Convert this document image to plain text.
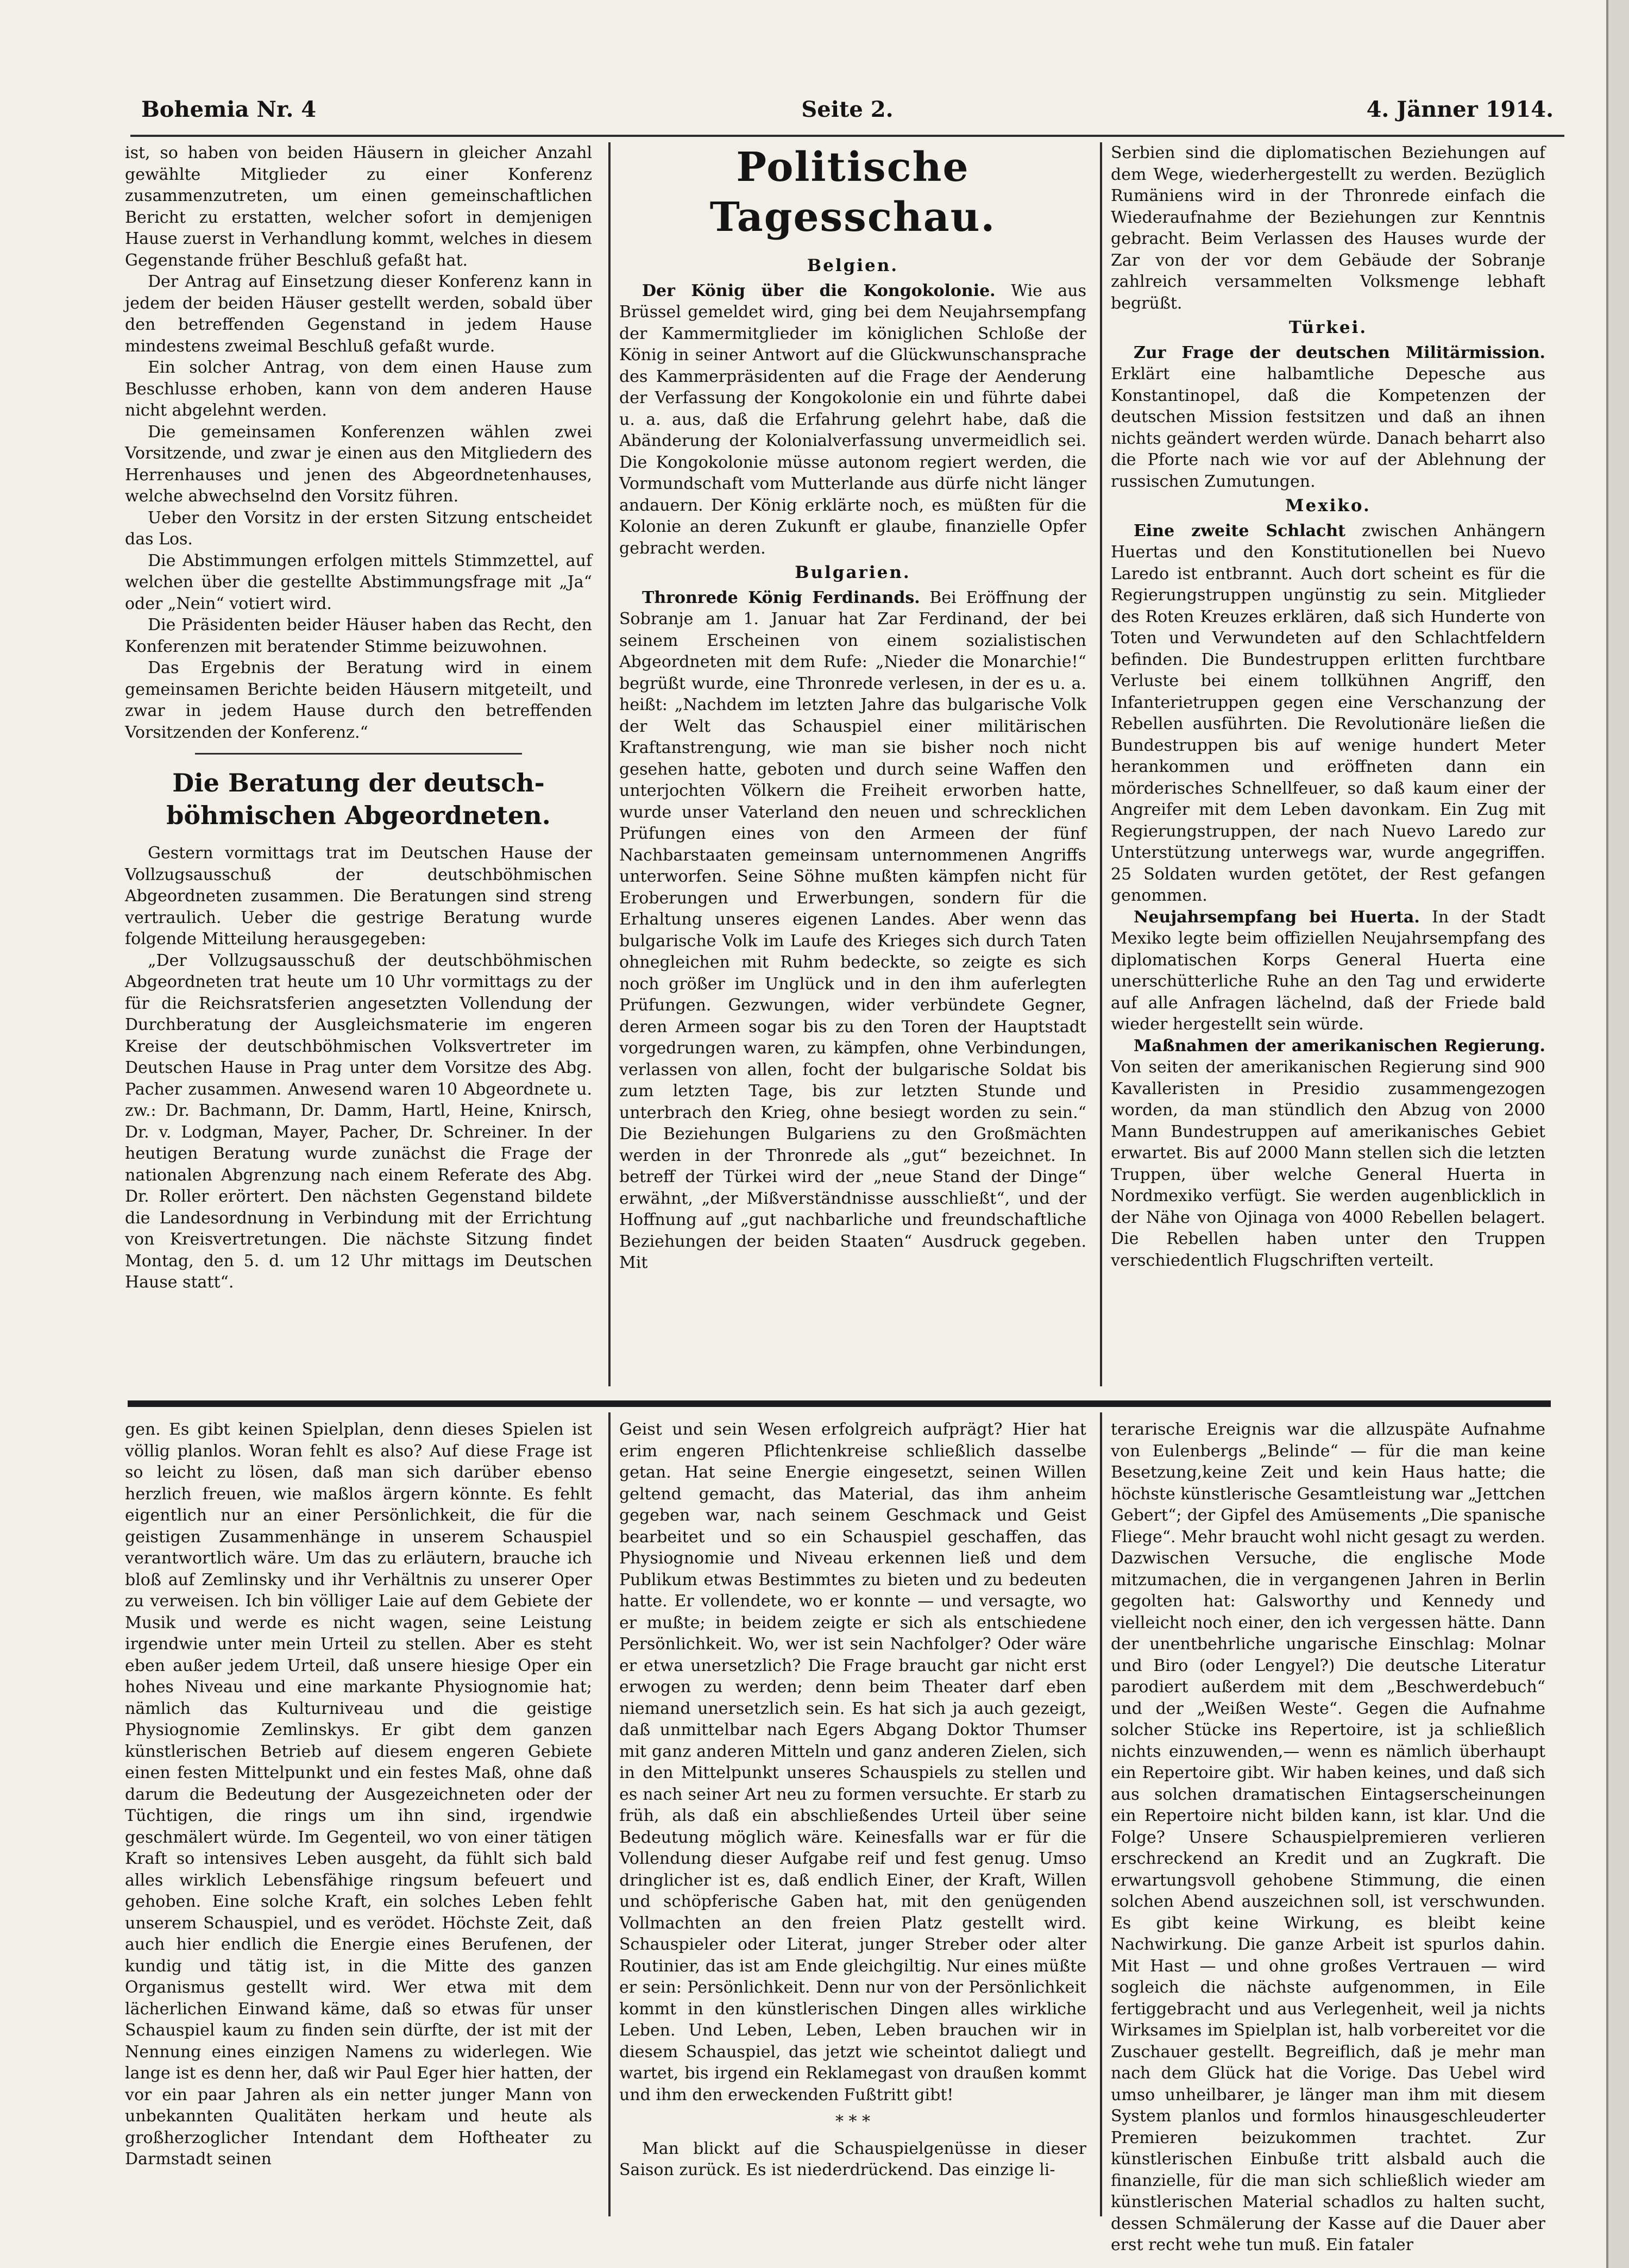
Bohemia Nr. 4	Seite 2.	4. Jänner 1914.

ist, so haben von beiden Häusern in gleicher Anzahl gewählte Mitglieder zu einer Konferenz zusammenzutreten, um einen gemeinschaftlichen Bericht zu erstatten, welcher sofort in demjenigen Hause zuerst in Verhandlung kommt, welches in diesem Gegenstande früher Beschluß gefaßt hat.

Der Antrag auf Einsetzung dieser Konferenz kann in jedem der beiden Häuser gestellt werden, sobald über den betreffenden Gegenstand in jedem Hause mindestens zweimal Beschluß gefaßt wurde.

Ein solcher Antrag, von dem einen Hause zum Beschlusse erhoben, kann von dem anderen Hause nicht abgelehnt werden.

Die gemeinsamen Konferenzen wählen zwei Vorsitzende, und zwar je einen aus den Mitgliedern des Herrenhauses und jenen des Abgeordnetenhauses, welche abwechselnd den Vorsitz führen.

Ueber den Vorsitz in der ersten Sitzung entscheidet das Los.

Die Abstimmungen erfolgen mittels Stimmzettel, auf welchen über die gestellte Abstimmungsfrage mit „Ja“ oder „Nein“ votiert wird.

Die Präsidenten beider Häuser haben das Recht, den Konferenzen mit beratender Stimme beizuwohnen.

Das Ergebnis der Beratung wird in einem gemeinsamen Berichte beiden Häusern mitgeteilt, und zwar in jedem Hause durch den betreffenden Vorsitzenden der Konferenz.“

Die Beratung der deutsch-böhmischen Abgeordneten.

Gestern vormittags trat im Deutschen Hause der Vollzugsausschuß der deutschböhmischen Abgeordneten zusammen. Die Beratungen sind streng vertraulich. Ueber die gestrige Beratung wurde folgende Mitteilung herausgegeben:

„Der Vollzugsausschuß der deutschböhmischen Abgeordneten trat heute um 10 Uhr vormittags zu der für die Reichsratsferien angesetzten Vollendung der Durchberatung der Ausgleichsmaterie im engeren Kreise der deutschböhmischen Volksvertreter im Deutschen Hause in Prag unter dem Vorsitze des Abg. Pacher zusammen. Anwesend waren 10 Abgeordnete u. zw.: Dr. Bachmann, Dr. Damm, Hartl, Heine, Knirsch, Dr. v. Lodgman, Mayer, Pacher, Dr. Schreiner. In der heutigen Beratung wurde zunächst die Frage der nationalen Abgrenzung nach einem Referate des Abg. Dr. Roller erörtert. Den nächsten Gegenstand bildete die Landesordnung in Verbindung mit der Errichtung von Kreisvertretungen. Die nächste Sitzung findet Montag, den 5. d. um 12 Uhr mittags im Deutschen Hause statt“.

Politische Tagesschau.
Belgien.

Der König über die Kongokolonie. Wie aus Brüssel gemeldet wird, ging bei dem Neujahrsempfang der Kammermitglieder im königlichen Schloße der König in seiner Antwort auf die Glückwunschansprache des Kammerpräsidenten auf die Frage der Aenderung der Verfassung der Kongokolonie ein und führte dabei u. a. aus, daß die Erfahrung gelehrt habe, daß die Abänderung der Kolonialverfassung unvermeidlich sei. Die Kongokolonie müsse autonom regiert werden, die Vormundschaft vom Mutterlande aus dürfe nicht länger andauern. Der König erklärte noch, es müßten für die Kolonie an deren Zukunft er glaube, finanzielle Opfer gebracht werden.

Bulgarien.

Thronrede König Ferdinands. Bei Eröffnung der Sobranje am 1. Januar hat Zar Ferdinand, der bei seinem Erscheinen von einem sozialistischen Abgeordneten mit dem Rufe: „Nieder die Monarchie!“ begrüßt wurde, eine Thronrede verlesen, in der es u. a. heißt: „Nachdem im letzten Jahre das bulgarische Volk der Welt das Schauspiel einer militärischen Kraftanstrengung, wie man sie bisher noch nicht gesehen hatte, geboten und durch seine Waffen den unterjochten Völkern die Freiheit erworben hatte, wurde unser Vaterland den neuen und schrecklichen Prüfungen eines von den Armeen der fünf Nachbarstaaten gemeinsam unternommenen Angriffs unterworfen. Seine Söhne mußten kämpfen nicht für Eroberungen und Erwerbungen, sondern für die Erhaltung unseres eigenen Landes. Aber wenn das bulgarische Volk im Laufe des Krieges sich durch Taten ohnegleichen mit Ruhm bedeckte, so zeigte es sich noch größer im Unglück und in den ihm auferlegten Prüfungen. Gezwungen, wider verbündete Gegner, deren Armeen sogar bis zu den Toren der Hauptstadt vorgedrungen waren, zu kämpfen, ohne Verbindungen, verlassen von allen, focht der bulgarische Soldat bis zum letzten Tage, bis zur letzten Stunde und unterbrach den Krieg, ohne besiegt worden zu sein.“ Die Beziehungen Bulgariens zu den Großmächten werden in der Thronrede als „gut“ bezeichnet. In betreff der Türkei wird der „neue Stand der Dinge“ erwähnt, „der Mißverständnisse ausschließt“, und der Hoffnung auf „gut nachbarliche und freundschaftliche Beziehungen der beiden Staaten“ Ausdruck gegeben. Mit

Serbien sind die diplomatischen Beziehungen auf dem Wege, wiederhergestellt zu werden. Bezüglich Rumäniens wird in der Thronrede einfach die Wiederaufnahme der Beziehungen zur Kenntnis gebracht. Beim Verlassen des Hauses wurde der Zar von der vor dem Gebäude der Sobranje zahlreich versammelten Volksmenge lebhaft begrüßt.

Türkei.

Zur Frage der deutschen Militärmission. Erklärt eine halbamtliche Depesche aus Konstantinopel, daß die Kompetenzen der deutschen Mission festsitzen und daß an ihnen nichts geändert werden würde. Danach beharrt also die Pforte nach wie vor auf der Ablehnung der russischen Zumutungen.

Mexiko.

Eine zweite Schlacht zwischen Anhängern Huertas und den Konstitutionellen bei Nuevo Laredo ist entbrannt. Auch dort scheint es für die Regierungstruppen ungünstig zu sein. Mitglieder des Roten Kreuzes erklären, daß sich Hunderte von Toten und Verwundeten auf den Schlachtfeldern befinden. Die Bundestruppen erlitten furchtbare Verluste bei einem tollkühnen Angriff, den Infanterietruppen gegen eine Verschanzung der Rebellen ausführten. Die Revolutionäre ließen die Bundestruppen bis auf wenige hundert Meter herankommen und eröffneten dann ein mörderisches Schnellfeuer, so daß kaum einer der Angreifer mit dem Leben davonkam. Ein Zug mit Regierungstruppen, der nach Nuevo Laredo zur Unterstützung unterwegs war, wurde angegriffen. 25 Soldaten wurden getötet, der Rest gefangen genommen.

Neujahrsempfang bei Huerta. In der Stadt Mexiko legte beim offiziellen Neujahrsempfang des diplomatischen Korps General Huerta eine unerschütterliche Ruhe an den Tag und erwiderte auf alle Anfragen lächelnd, daß der Friede bald wieder hergestellt sein würde.

Maßnahmen der amerikanischen Regierung. Von seiten der amerikanischen Regierung sind 900 Kavalleristen in Presidio zusammengezogen worden, da man stündlich den Abzug von 2000 Mann Bundestruppen auf amerikanisches Gebiet erwartet. Bis auf 2000 Mann stellen sich die letzten Truppen, über welche General Huerta in Nordmexiko verfügt. Sie werden augenblicklich in der Nähe von Ojinaga von 4000 Rebellen belagert. Die Rebellen haben unter den Truppen verschiedentlich Flugschriften verteilt.

gen. Es gibt keinen Spielplan, denn dieses Spielen ist völlig planlos. Woran fehlt es also? Auf diese Frage ist so leicht zu lösen, daß man sich darüber ebenso herzlich freuen, wie maßlos ärgern könnte. Es fehlt eigentlich nur an einer Persönlichkeit, die für die geistigen Zusammenhänge in unserem Schauspiel verantwortlich wäre. Um das zu erläutern, brauche ich bloß auf Zemlinsky und ihr Verhältnis zu unserer Oper zu verweisen. Ich bin völliger Laie auf dem Gebiete der Musik und werde es nicht wagen, seine Leistung irgendwie unter mein Urteil zu stellen. Aber es steht eben außer jedem Urteil, daß unsere hiesige Oper ein hohes Niveau und eine markante Physiognomie hat; nämlich das Kulturniveau und die geistige Physiognomie Zemlinskys. Er gibt dem ganzen künstlerischen Betrieb auf diesem engeren Gebiete einen festen Mittelpunkt und ein festes Maß, ohne daß darum die Bedeutung der Ausgezeichneten oder der Tüchtigen, die rings um ihn sind, irgendwie geschmälert würde. Im Gegenteil, wo von einer tätigen Kraft so intensives Leben ausgeht, da fühlt sich bald alles wirklich Lebensfähige ringsum befeuert und gehoben. Eine solche Kraft, ein solches Leben fehlt unserem Schauspiel, und es verödet. Höchste Zeit, daß auch hier endlich die Energie eines Berufenen, der kundig und tätig ist, in die Mitte des ganzen Organismus gestellt wird. Wer etwa mit dem lächerlichen Einwand käme, daß so etwas für unser Schauspiel kaum zu finden sein dürfte, der ist mit der Nennung eines einzigen Namens zu widerlegen. Wie lange ist es denn her, daß wir Paul Eger hier hatten, der vor ein paar Jahren als ein netter junger Mann von unbekannten Qualitäten herkam und heute als großherzoglicher Intendant dem Hoftheater zu Darmstadt seinen

Geist und sein Wesen erfolgreich aufprägt? Hier hat erim engeren Pflichtenkreise schließlich dasselbe getan. Hat seine Energie eingesetzt, seinen Willen geltend gemacht, das Material, das ihm anheim gegeben war, nach seinem Geschmack und Geist bearbeitet und so ein Schauspiel geschaffen, das Physiognomie und Niveau erkennen ließ und dem Publikum etwas Bestimmtes zu bieten und zu bedeuten hatte. Er vollendete, wo er konnte — und versagte, wo er mußte; in beidem zeigte er sich als entschiedene Persönlichkeit. Wo, wer ist sein Nachfolger? Oder wäre er etwa unersetzlich? Die Frage braucht gar nicht erst erwogen zu werden; denn beim Theater darf eben niemand unersetzlich sein. Es hat sich ja auch gezeigt, daß unmittelbar nach Egers Abgang Doktor Thumser mit ganz anderen Mitteln und ganz anderen Zielen, sich in den Mittelpunkt unseres Schauspiels zu stellen und es nach seiner Art neu zu formen versuchte. Er starb zu früh, als daß ein abschließendes Urteil über seine Bedeutung möglich wäre. Keinesfalls war er für die Vollendung dieser Aufgabe reif und fest genug. Umso dringlicher ist es, daß endlich Einer, der Kraft, Willen und schöpferische Gaben hat, mit den genügenden Vollmachten an den freien Platz gestellt wird. Schauspieler oder Literat, junger Streber oder alter Routinier, das ist am Ende gleichgiltig. Nur eines müßte er sein: Persönlichkeit. Denn nur von der Persönlichkeit kommt in den künstlerischen Dingen alles wirkliche Leben. Und Leben, Leben, Leben brauchen wir in diesem Schauspiel, das jetzt wie scheintot daliegt und wartet, bis irgend ein Reklamegast von draußen kommt und ihm den erweckenden Fußtritt gibt!

* * *

Man blickt auf die Schauspielgenüsse in dieser Saison zurück. Es ist niederdrückend. Das einzige li-

terarische Ereignis war die allzuspäte Aufnahme von Eulenbergs „Belinde“ — für die man keine Besetzung,keine Zeit und kein Haus hatte; die höchste künstlerische Gesamtleistung war „Jettchen Gebert“; der Gipfel des Amüsements „Die spanische Fliege“. Mehr braucht wohl nicht gesagt zu werden. Dazwischen Versuche, die englische Mode mitzumachen, die in vergangenen Jahren in Berlin gegolten hat: Galsworthy und Kennedy und vielleicht noch einer, den ich vergessen hätte. Dann der unentbehrliche ungarische Einschlag: Molnar und Biro (oder Lengyel?) Die deutsche Literatur parodiert außerdem mit dem „Beschwerdebuch“ und der „Weißen Weste“. Gegen die Aufnahme solcher Stücke ins Repertoire, ist ja schließlich nichts einzuwenden,— wenn es nämlich überhaupt ein Repertoire gibt. Wir haben keines, und daß sich aus solchen dramatischen Eintagserscheinungen ein Repertoire nicht bilden kann, ist klar. Und die Folge? Unsere Schauspielpremieren verlieren erschreckend an Kredit und an Zugkraft. Die erwartungsvoll gehobene Stimmung, die einen solchen Abend auszeichnen soll, ist verschwunden. Es gibt keine Wirkung, es bleibt keine Nachwirkung. Die ganze Arbeit ist spurlos dahin. Mit Hast — und ohne großes Vertrauen — wird sogleich die nächste aufgenommen, in Eile fertiggebracht und aus Verlegenheit, weil ja nichts Wirksames im Spielplan ist, halb vorbereitet vor die Zuschauer gestellt. Begreiflich, daß je mehr man nach dem Glück hat die Vorige. Das Uebel wird umso unheilbarer, je länger man ihm mit diesem System planlos und formlos hinausgeschleuderter Premieren beizukommen trachtet. Zur künstlerischen Einbuße tritt alsbald auch die finanzielle, für die man sich schließlich wieder am künstlerischen Material schadlos zu halten sucht, dessen Schmälerung der Kasse auf die Dauer aber erst recht wehe tun muß. Ein fataler
